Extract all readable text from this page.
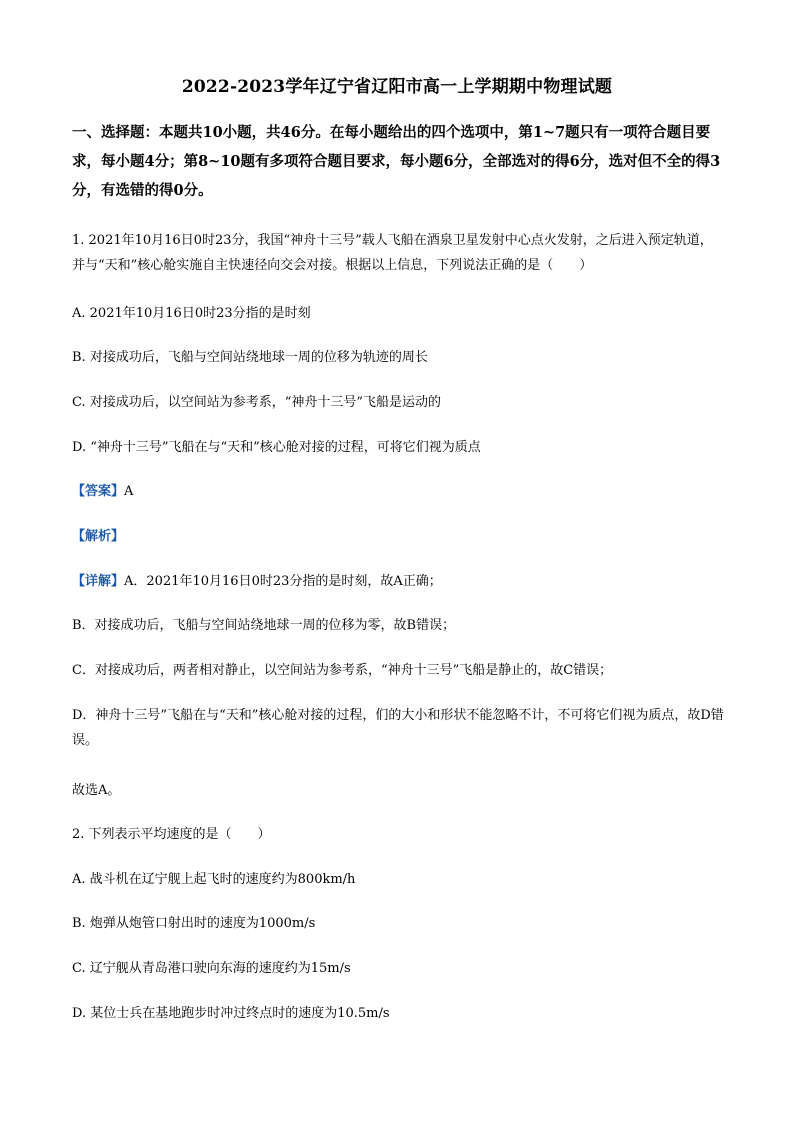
2022-2023学年辽宁省辽阳市高一上学期期中物理试题
一、选择题：本题共10小题，共46分。在每小题给出的四个选项中，第1~7题只有一项符合题目要求，每小题4分；第8~10题有多项符合题目要求，每小题6分，全部选对的得6分，选对但不全的得3分，有选错的得0分。
1. 2021年10月16日0时23分，我国“神舟十三号”载人飞船在酒泉卫星发射中心点火发射，之后进入预定轨道，并与“天和”核心舱实施自主快速径向交会对接。根据以上信息，下列说法正确的是（　　）
A. 2021年10月16日0时23分指的是时刻
B. 对接成功后，飞船与空间站绕地球一周的位移为轨迹的周长
C. 对接成功后，以空间站为参考系，“神舟十三号”飞船是运动的
D. “神舟十三号”飞船在与“天和”核心舱对接的过程，可将它们视为质点
【答案】A
【解析】
【详解】A．2021年10月16日0时23分指的是时刻，故A正确；
B．对接成功后，飞船与空间站绕地球一周的位移为零，故B错误；
C．对接成功后，两者相对静止，以空间站为参考系，“神舟十三号”飞船是静止的，故C错误；
D．神舟十三号”飞船在与“天和”核心舱对接的过程，们的大小和形状不能忽略不计，不可将它们视为质点，故D错误。
故选A。
2. 下列表示平均速度的是（　　）
A. 战斗机在辽宁舰上起飞时的速度约为800km/h
B. 炮弹从炮管口射出时的速度为1000m/s
C. 辽宁舰从青岛港口驶向东海的速度约为15m/s
D. 某位士兵在基地跑步时冲过终点时的速度为10.5m/s
